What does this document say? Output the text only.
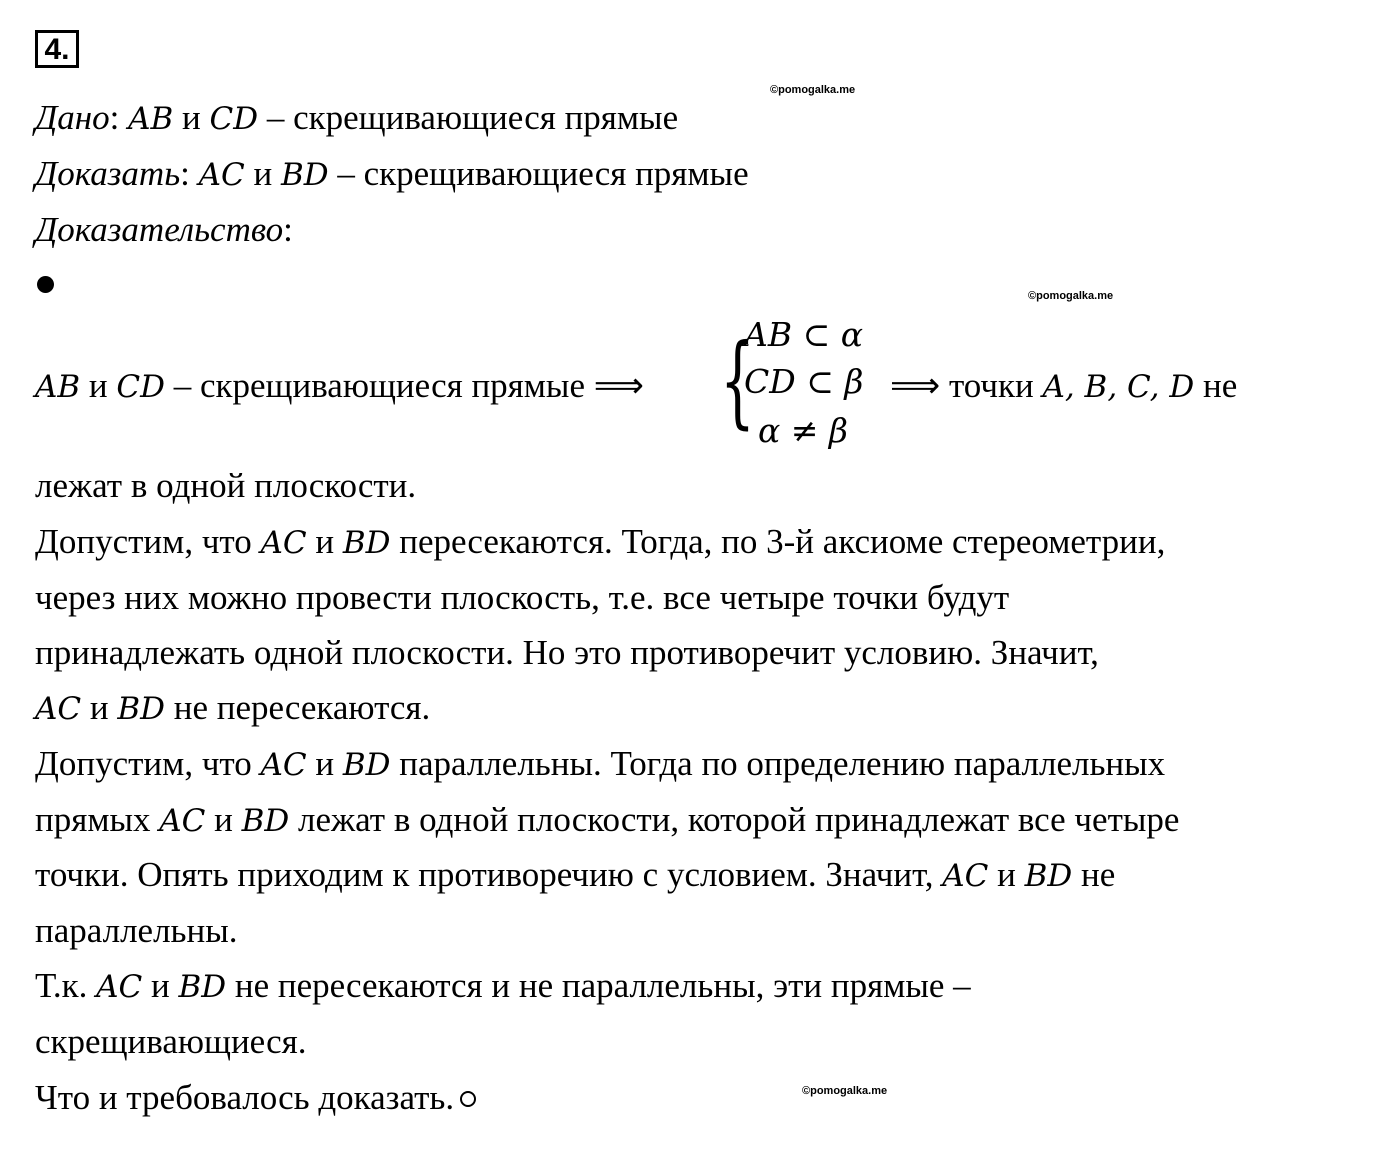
4.
©pomogalka.me
©pomogalka.me
©pomogalka.me
Дано: AB и CD – скрещивающиеся прямые
Доказать: AC и BD – скрещивающиеся прямые
Доказательство:
AB и CD – скрещивающиеся прямые ⟹ {
AB ⊂ α
CD ⊂ β
α ≠ β
⟹ точки A, B, C, D не
лежат в одной плоскости.
Допустим, что AC и BD пересекаются. Тогда, по 3-й аксиоме стереометрии,
через них можно провести плоскость, т.е. все четыре точки будут
принадлежать одной плоскости. Но это противоречит условию. Значит,
AC и BD не пересекаются.
Допустим, что AC и BD параллельны. Тогда по определению параллельных
прямых AC и BD лежат в одной плоскости, которой принадлежат все четыре
точки. Опять приходим к противоречию с условием. Значит, AC и BD не
параллельны.
Т.к. AC и BD не пересекаются и не параллельны, эти прямые –
скрещивающиеся.
Что и требовалось доказать.
